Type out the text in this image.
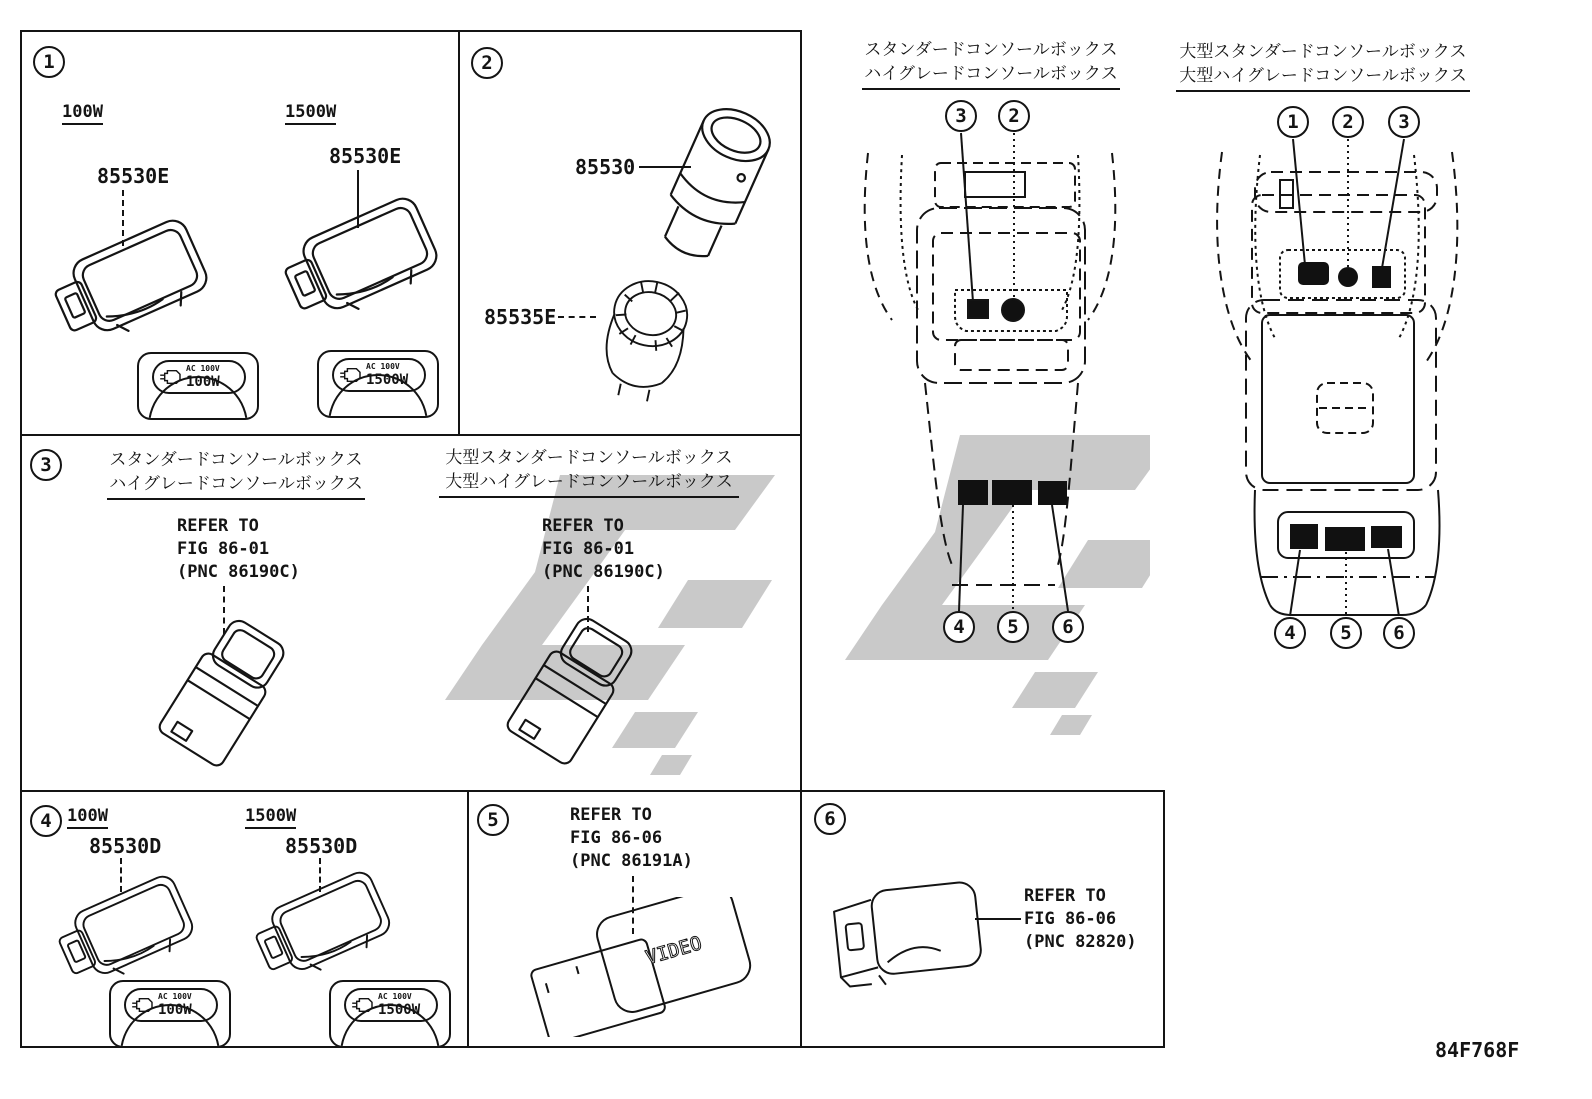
1
100W	1500W
85530E
85530E
AC 100V
100W
AC 100V
1500W
2
85530
85535E
3	スタンダードコンソールボックス
ハイグレードコンソールボックス
REFER TO
FIG 86-01
(PNC 86190C)
大型スタンダードコンソールボックス
大型ハイグレードコンソールボックス
REFER TO
FIG 86-01
(PNC 86190C)
スタンダードコンソールボックス
ハイグレードコンソールボックス
3	2
4	5	6
大型スタンダードコンソールボックス
大型ハイグレードコンソールボックス
1	2	3
4	5	6
4 100W	1500W
85530D	85530D
AC 100V
100W
AC 100V
1500W
5	REFER TO
FIG 86-06
(PNC 86191A)
VIDEO
6
REFER TO
FIG 86-06
(PNC 82820)
84F768F
